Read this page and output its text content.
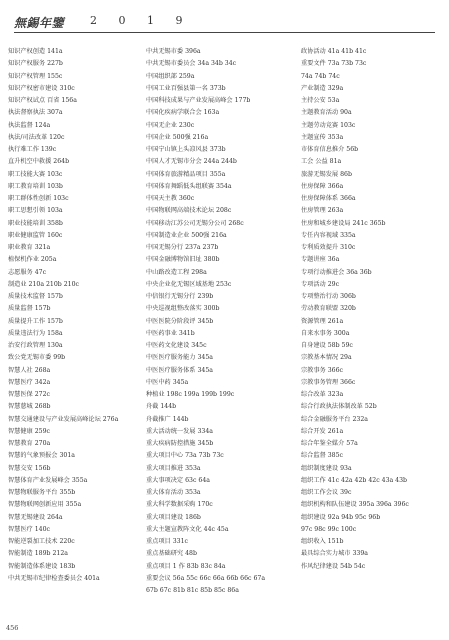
無錫年鑒 2 0 1 9
知识产权创造 141a
知识产权服务 227b
知识产权管理 155c
知识产权密市建设 310c
知识产权试点 百省 156a
执法督察执法 307a
执法监督 124a
执法/司法改革 120c
执行难工作 139c
直升机空中救援 264b
职工技能大赛 103c
职工教育培训 103b
职工群体性创新 103c
职工思想引领 103a
职业技能培训 358b
职业健康监管 160c
职业教育 321a
植保机作业 205a
志愿服务 47c
制造业 210a 210b 210c
质量技术监督 157b
质量监督 157b
质量提升工作 157b
质量违法行为 158a
治安行政管理 130a
致公党无锡市委 99b
智慧人社 268a
智慧医疗 342a
智慧医保 272c
智慧慈城 268b
智慧交通建设与产业发展高峰论坛 276a
智慧健康 259c
智慧教育 270a
智慧的气象预报会 301a
智慧交安 156b
智慧体育产业发展峰会 355a
智慧物联服务平台 355b
智慧物联网创新应用 355a
智慧无锡建设 264a
智慧医疗 140c
智能逆裂加工技术 220c
智能制造 189b 212a
智能制造体系建设 183b
中共无锡市纪律检查委员会 401a
中共无锡市委 396a
中共无锡市委员会 34a 34b 34c
中国组织部 259a
中国工业百强县第一名 373b
中国科技成果与产业发展高峰会 177b
中国化疾病学联合会 163a
中国无企业 230c
中国企业 500强 216a
中国宁山镇上头凉风县 373b
中国人才无锡市分会 244a 244b
中国体育旅游精品项目 355a
中国体育舞蹈低头组联赛 354a
中国天主教 360c
中国物联网高端技术论坛 208c
中国移动江苏公司无锡分公司 268c
中国制造业企业 500强 216a
中国无锡分行 237a 237b
中国金融博物馆旧址 380b
中山路改造工程 298a
中央企业化无锡区域基地 253c
中信银行无锡分行 239b
中央巡视组整改落实 300b
中医医院分阶段评 345b
中医药事业 341b
中医药文化建设 345c
中医医疗服务能力 345a
中医医疗服务体系 345a
中医中药 345a
种植业 198c 199a 199b 199c
舟截 144b
舟截推广 144b
重大活动统一发展 334a
重大疾病防控措施 345b
重大项目中心 73a 73b 73c
重大项目推进 353a
重大事项决定 63c 64a
重大体育活动 353a
重大科学数据采购 170c
重大项目建设 186b
重大主题宣教阵文化 44c 45a
重点项目 331c
重点基础研究 48b
重点项目 1 作 83b 83c 84a
重要会议 56a 55c 66c 66a 66b 66c 67a
67b 67c 81b 81c 85b 85c 86a
政协活动 41a 41b 41c
重要文件 73a 73b 73c
74a 74b 74c
产业制造 329a
主持公安 53a
主题教育活动 90a
主题劳动竞赛 103c
主题宣传 353a
市体育信息推介 56b
工会 公益 81a
旅游无锡发展 86b
住房保障 366a
住房保障体系 366a
住房管理 263a
住房和城乡建设局 241c 365b
专任内容视域 335a
专利质效提升 310c
专题讲座 36a
专项行动推进会 36a 36b
专项活动 29c
专项整治行动 306b
劳动教育联盟 320b
资源管理 261a
自来水事务 300a
自身建设 58b 59c
宗教基本情况 29a
宗教事务 366c
宗教事务管理 366c
综合改革 323a
综合行政执法体制改革 52b
综合金融服务平台 232a
综合开发 261a
综合年鉴全媒介 57a
综合监督 385c
组织制度建设 93a
组织工作 41c 42a 42b 42c 43a 43b
组织工作会议 39c
组织机构和队伍建设 395a 396a 396c
组织建设 92a 94b 95c 96b
97c 98c 99c 100c
组织收入 151b
最具综合实力城市 339a
作风纪律建设 54b 54c
456
